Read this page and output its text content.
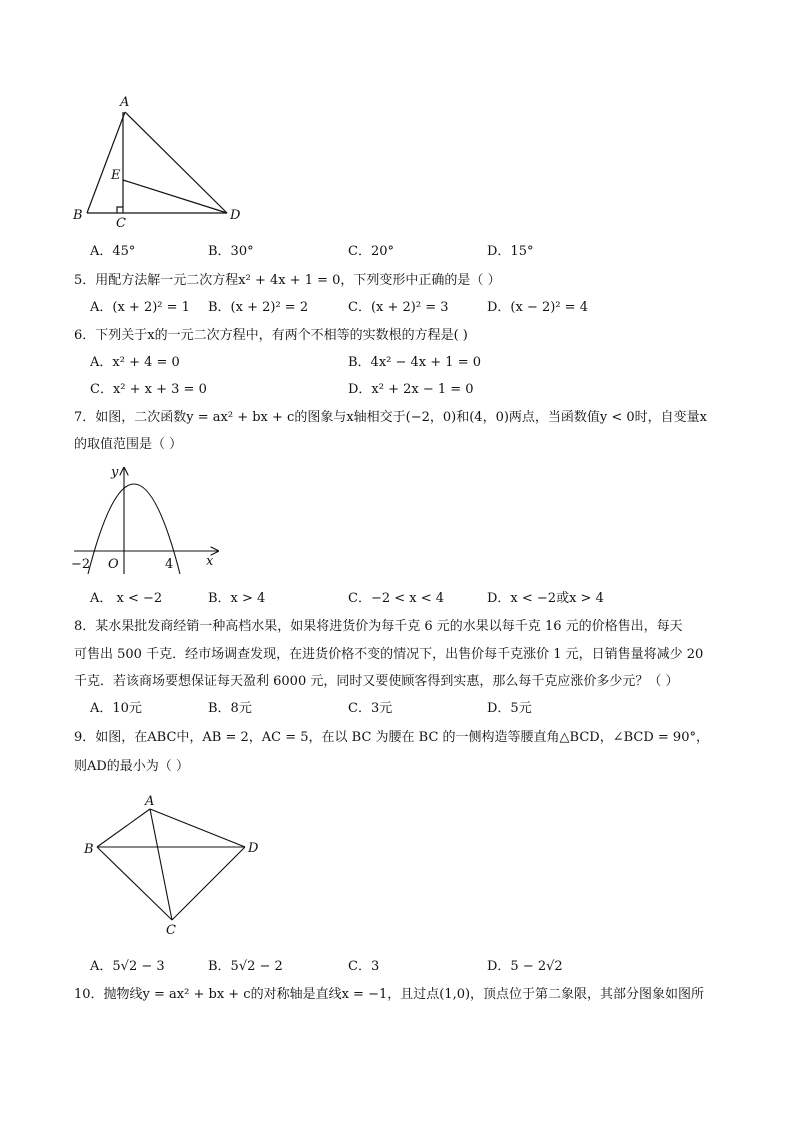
A
B
C
D
E
A．45°	B．30°	C．20°	D．15°
5．用配方法解一元二次方程x² + 4x + 1 = 0，下列变形中正确的是（ ）
A．(x + 2)² = 1 B．(x + 2)² = 2	C．(x + 2)² = 3	D．(x − 2)² = 4
6．下列关于x的一元二次方程中，有两个不相等的实数根的方程是( )
A．x² + 4 = 0	B．4x² − 4x + 1 = 0
C．x² + x + 3 = 0	D．x² + 2x − 1 = 0
7．如图，二次函数y = ax² + bx + c的图象与x轴相交于(−2，0)和(4，0)两点，当函数值y < 0时，自变量x
的取值范围是（ ）
y
x
O
−2	4
A． x < −2	B．x > 4	C．−2 < x < 4	D．x < −2或x > 4
8．某水果批发商经销一种高档水果，如果将进货价为每千克 6 元的水果以每千克 16 元的价格售出，每天
可售出 500 千克．经市场调查发现，在进货价格不变的情况下，出售价每千克涨价 1 元，日销售量将减少 20
千克．若该商场要想保证每天盈利 6000 元，同时又要使顾客得到实惠，那么每千克应涨价多少元？（ ）
A．10元	B．8元	C．3元	D．5元
9．如图，在ABC中，AB = 2，AC = 5，在以 BC 为腰在 BC 的一侧构造等腰直角△BCD，∠BCD = 90°，
则AD的最小为（ ）
A
B
C
D
A．5√2 − 3	B．5√2 − 2	C．3	D．5 − 2√2
10．抛物线y = ax² + bx + c的对称轴是直线x = −1，且过点(1,0)，顶点位于第二象限，其部分图象如图所
